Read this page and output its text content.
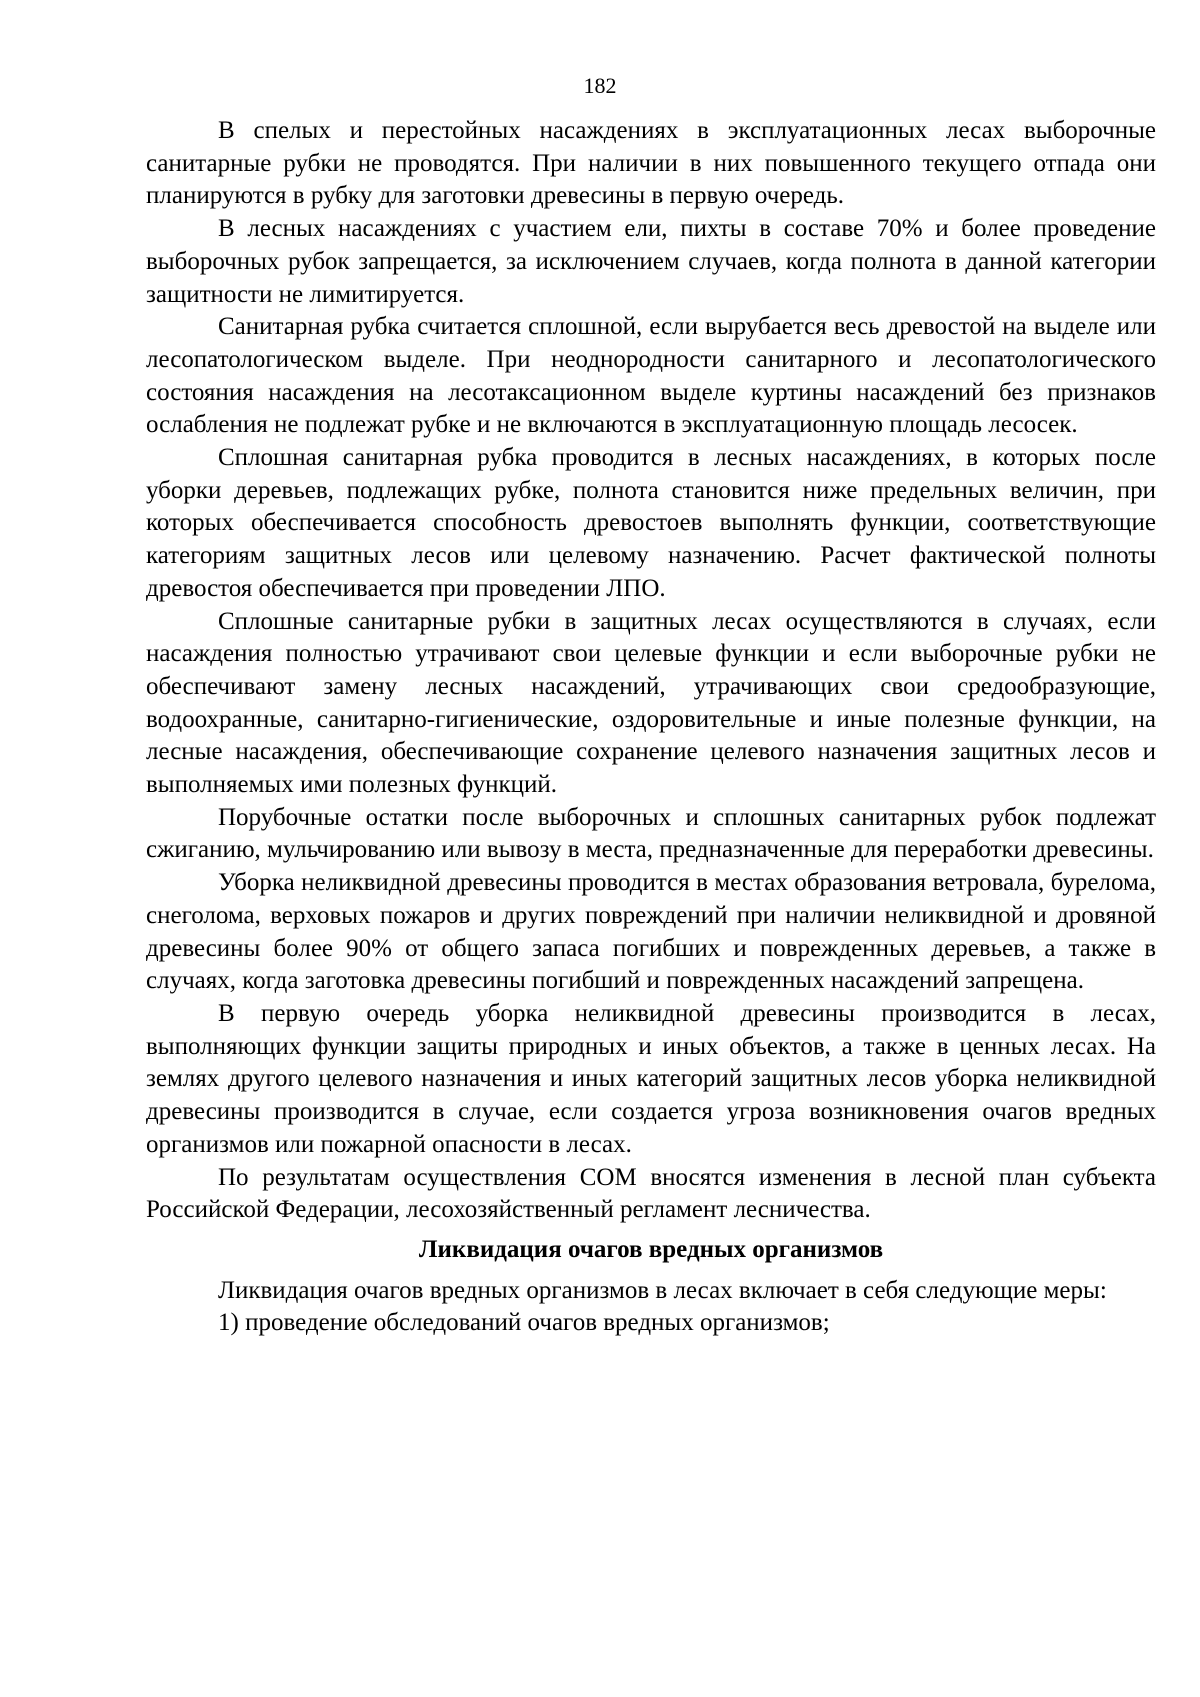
182

В спелых и перестойных насаждениях в эксплуатационных лесах выборочные санитарные рубки не проводятся. При наличии в них повышенного текущего отпада они планируются в рубку для заготовки древесины в первую очередь.

В лесных насаждениях с участием ели, пихты в составе 70% и более проведение выборочных рубок запрещается, за исключением случаев, когда полнота в данной категории защитности не лимитируется.

Санитарная рубка считается сплошной, если вырубается весь древостой на выделе или лесопатологическом выделе. При неоднородности санитарного и лесопатологического состояния насаждения на лесотаксационном выделе куртины насаждений без признаков ослабления не подлежат рубке и не включаются в эксплуатационную площадь лесосек.

Сплошная санитарная рубка проводится в лесных насаждениях, в которых после уборки деревьев, подлежащих рубке, полнота становится ниже предельных величин, при которых обеспечивается способность древостоев выполнять функции, соответствующие категориям защитных лесов или целевому назначению. Расчет фактической полноты древостоя обеспечивается при проведении ЛПО.

Сплошные санитарные рубки в защитных лесах осуществляются в случаях, если насаждения полностью утрачивают свои целевые функции и если выборочные рубки не обеспечивают замену лесных насаждений, утрачивающих свои средообразующие, водоохранные, санитарно-гигиенические, оздоровительные и иные полезные функции, на лесные насаждения, обеспечивающие сохранение целевого назначения защитных лесов и выполняемых ими полезных функций.

Порубочные остатки после выборочных и сплошных санитарных рубок подлежат сжиганию, мульчированию или вывозу в места, предназначенные для переработки древесины.

Уборка неликвидной древесины проводится в местах образования ветровала, бурелома, снеголома, верховых пожаров и других повреждений при наличии неликвидной и дровяной древесины более 90% от общего запаса погибших и поврежденных деревьев, а также в случаях, когда заготовка древесины погибший и поврежденных насаждений запрещена.

В первую очередь уборка неликвидной древесины производится в лесах, выполняющих функции защиты природных и иных объектов, а также в ценных лесах. На землях другого целевого назначения и иных категорий защитных лесов уборка неликвидной древесины производится в случае, если создается угроза возникновения очагов вредных организмов или пожарной опасности в лесах.

По результатам осуществления СОМ вносятся изменения в лесной план субъекта Российской Федерации, лесохозяйственный регламент лесничества.

Ликвидация очагов вредных организмов

Ликвидация очагов вредных организмов в лесах включает в себя следующие меры:

1) проведение обследований очагов вредных организмов;
